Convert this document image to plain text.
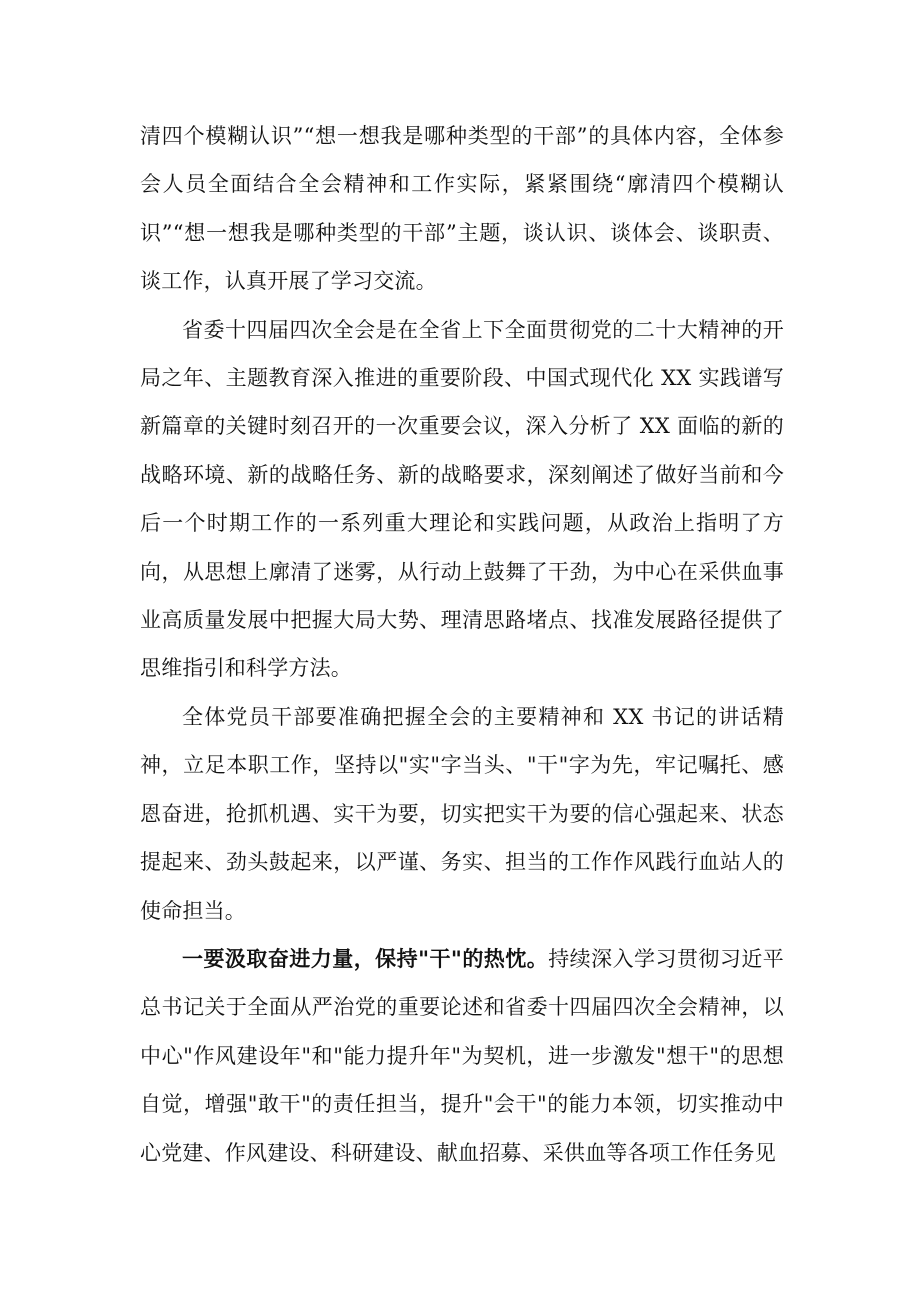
清四个模糊认识”“想一想我是哪种类型的干部”的具体内容，全体参会人员全面结合全会精神和工作实际，紧紧围绕“廓清四个模糊认识”“想一想我是哪种类型的干部”主题，谈认识、谈体会、谈职责、谈工作，认真开展了学习交流。

省委十四届四次全会是在全省上下全面贯彻党的二十大精神的开局之年、主题教育深入推进的重要阶段、中国式现代化 XX 实践谱写新篇章的关键时刻召开的一次重要会议，深入分析了 XX 面临的新的战略环境、新的战略任务、新的战略要求，深刻阐述了做好当前和今后一个时期工作的一系列重大理论和实践问题，从政治上指明了方向，从思想上廓清了迷雾，从行动上鼓舞了干劲，为中心在采供血事业高质量发展中把握大局大势、理清思路堵点、找准发展路径提供了思维指引和科学方法。

全体党员干部要准确把握全会的主要精神和 XX 书记的讲话精神，立足本职工作，坚持以"实"字当头、"干"字为先，牢记嘱托、感恩奋进，抢抓机遇、实干为要，切实把实干为要的信心强起来、状态提起来、劲头鼓起来，以严谨、务实、担当的工作作风践行血站人的使命担当。

一要汲取奋进力量，保持"干"的热忱。持续深入学习贯彻习近平总书记关于全面从严治党的重要论述和省委十四届四次全会精神，以中心"作风建设年"和"能力提升年"为契机，进一步激发"想干"的思想自觉，增强"敢干"的责任担当，提升"会干"的能力本领，切实推动中心党建、作风建设、科研建设、献血招募、采供血等各项工作任务见
